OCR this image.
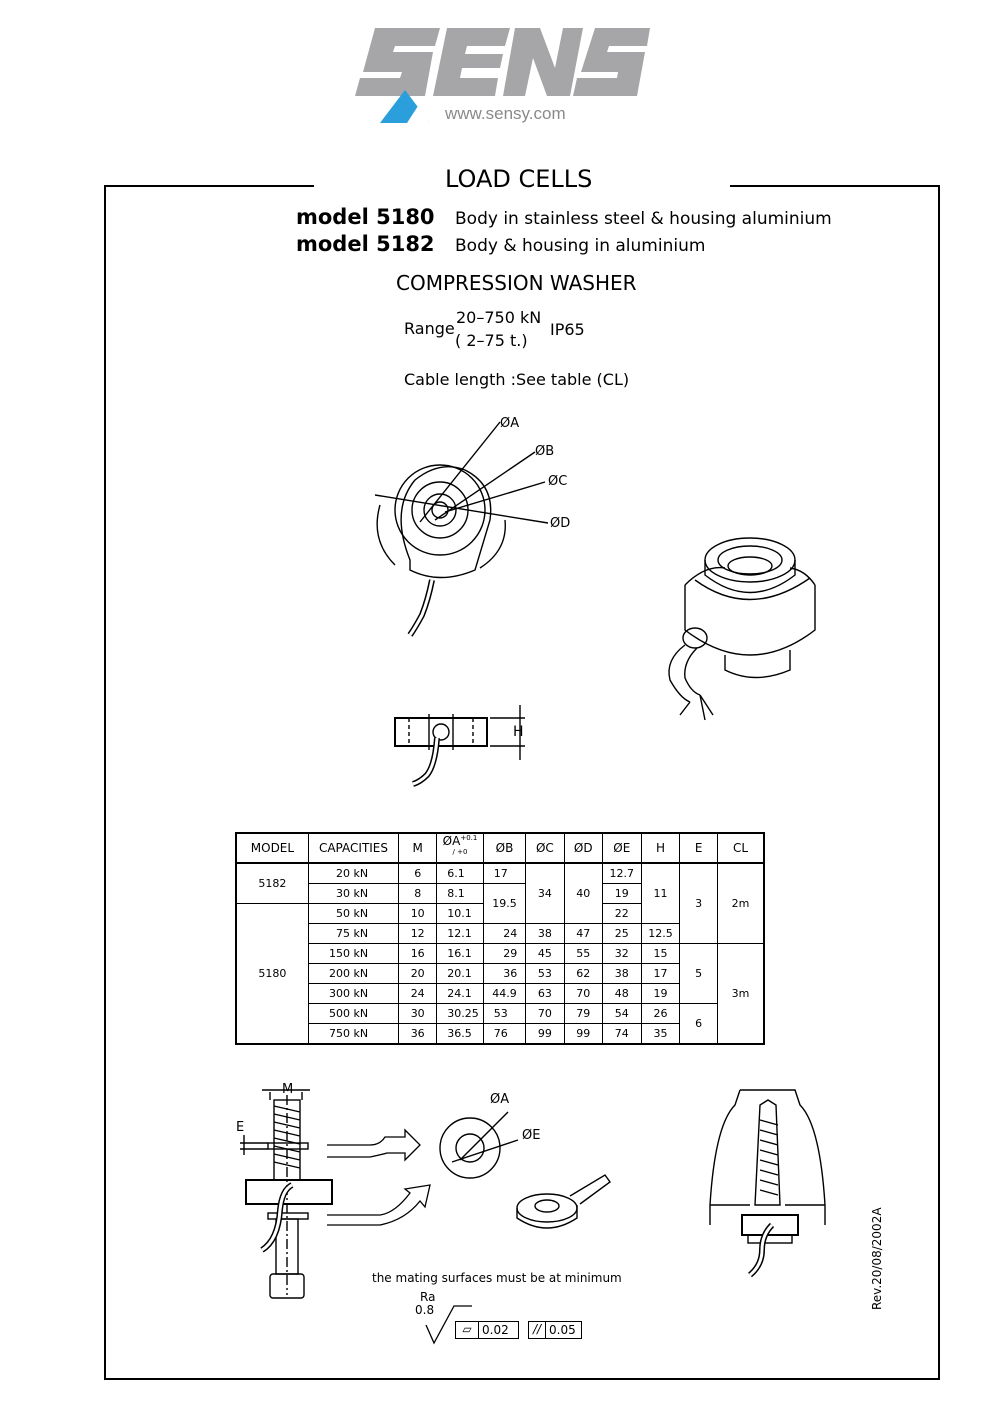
www.sensy.com
LOAD CELLS
model 5180 Body in stainless steel & housing aluminium
model 5182 Body & housing in aluminium
COMPRESSION WASHER
Range
20–750 kN
( 2–75 t.)
IP65
Cable length :See table (CL)
ØA
ØB
ØC
ØD
H
MODEL	CAPACITIES	M	$ØA^{+0.1 / +0}$	ØB	ØC	ØD	ØE	H	E	CL
5182	20 kN	6	6.1	17	34	40	12.7	11	3	2m
	30 kN	8	8.1	19.5			19			
5180	50 kN	10	10.1				22			
	75 kN	12	12.1	24	38	47	25	12.5		
	150 kN	16	16.1	29	45	55	32	15	5	3m
	200 kN	20	20.1	36	53	62	38	17		
	300 kN	24	24.1	44.9	63	70	48	19		
	500 kN	30	30.25	53	70	79	54	26	6	
	750 kN	36	36.5	76	99	99	74	35		
M
E
ØA
ØE
the mating surfaces must be at minimum
Ra
0.8
▱ 0.02	// 0.05
Rev.20/08/2002A
